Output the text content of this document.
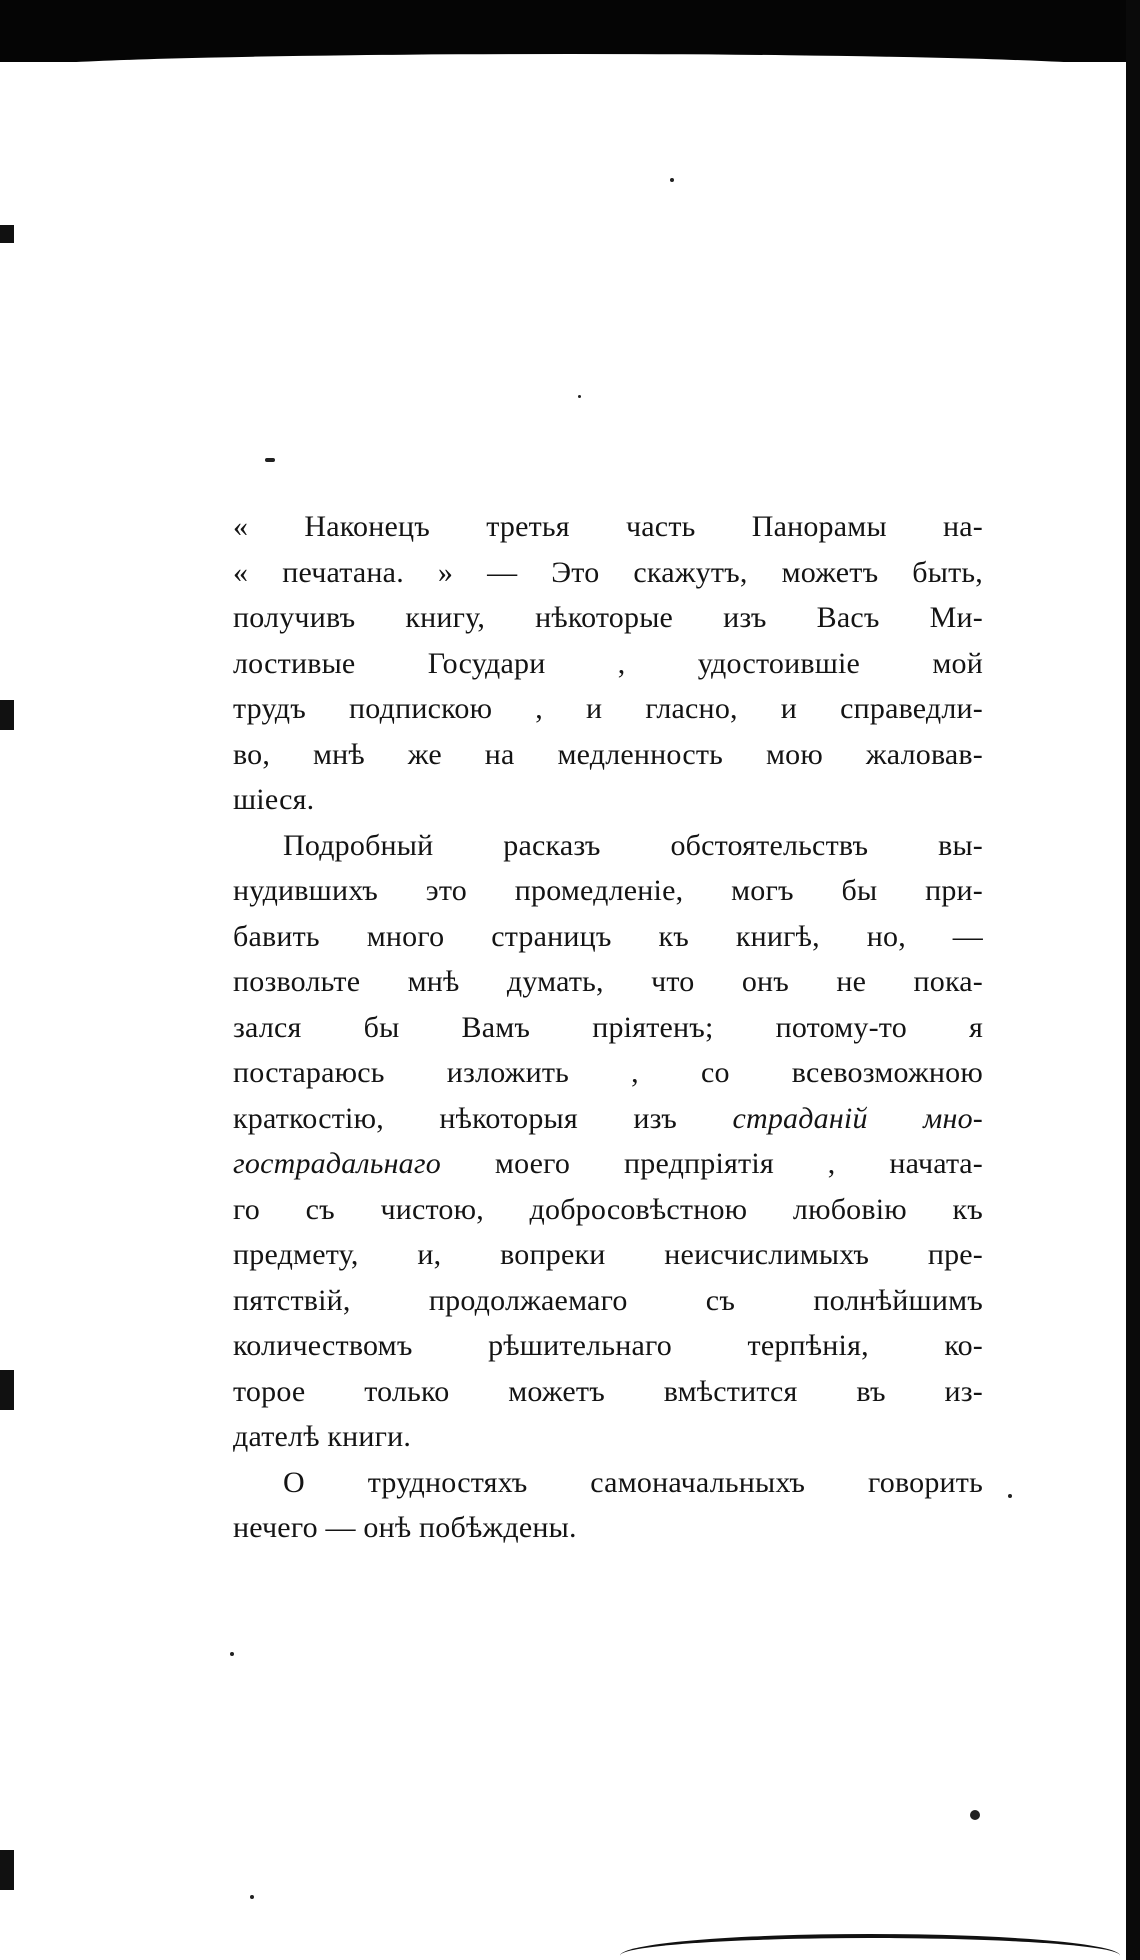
« Наконецъ третья часть Панорамы на-
« печатана. » — Это скажутъ, можетъ быть,
получивъ книгу, нѣкоторые изъ Васъ Ми-
лостивые Государи , удостоившіе мой
трудъ подпискою , и гласно, и справедли-
во, мнѣ же на медленность мою жаловав-
шіеся.
Подробный расказъ обстоятельствъ вы-
нудившихъ это промедленіе, могъ бы при-
бавить много страницъ къ книгѣ, но, —
позвольте мнѣ думать, что онъ не пока-
зался бы Вамъ пріятенъ; потому-то я
постараюсь изложить , со всевозможною
краткостію, нѣкоторыя изъ страданій мно-
гострадальнаго моего предпріятія , начатa-
го съ чистою, добросовѣстною любовію къ
предмету, и, вопреки неисчислимыхъ пре-
пятствій, продолжаемаго съ полнѣйшимъ
количествомъ рѣшительнаго терпѣнія, ко-
торое только можетъ вмѣстится въ из-
дателѣ книги.
О трудностяхъ самоначальныхъ говорить
нечего — онѣ побѣждены.
